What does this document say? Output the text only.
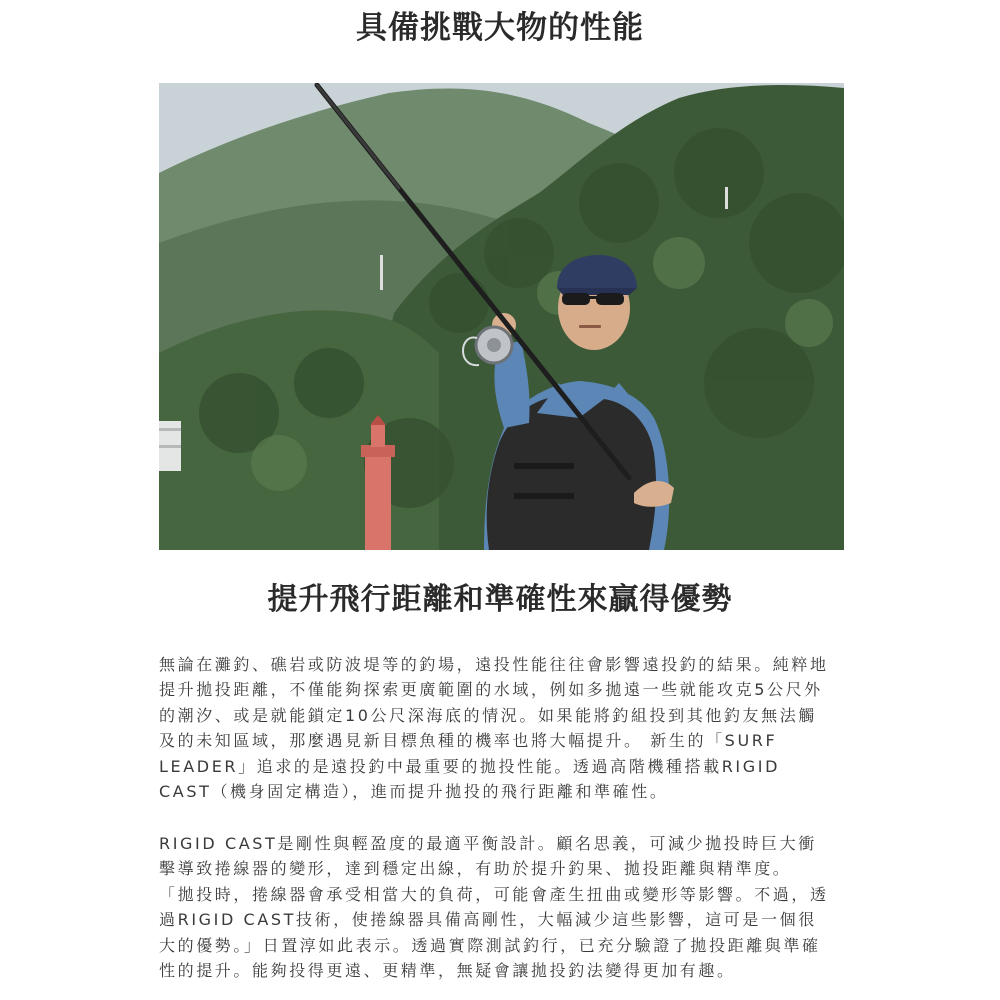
具備挑戰大物的性能
提升飛行距離和準確性來贏得優勢
無論在灘釣、礁岩或防波堤等的釣場，遠投性能往往會影響遠投釣的結果。純粹地
提升拋投距離，不僅能夠探索更廣範圍的水域，例如多拋遠一些就能攻克5公尺外
的潮汐、或是就能鎖定10公尺深海底的情況。如果能將釣組投到其他釣友無法觸
及的未知區域，那麼遇見新目標魚種的機率也將大幅提升。 新生的「SURF
LEADER」追求的是遠投釣中最重要的拋投性能。透過高階機種搭載RIGID
CAST（機身固定構造），進而提升拋投的飛行距離和準確性。
RIGID CAST是剛性與輕盈度的最適平衡設計。顧名思義，可減少拋投時巨大衝
擊導致捲線器的變形，達到穩定出線，有助於提升釣果、拋投距離與精準度。
「拋投時，捲線器會承受相當大的負荷，可能會產生扭曲或變形等影響。不過，透
過RIGID CAST技術，使捲線器具備高剛性，大幅減少這些影響，這可是一個很
大的優勢。」日置淳如此表示。透過實際測試釣行，已充分驗證了拋投距離與準確
性的提升。能夠投得更遠、更精準，無疑會讓拋投釣法變得更加有趣。
